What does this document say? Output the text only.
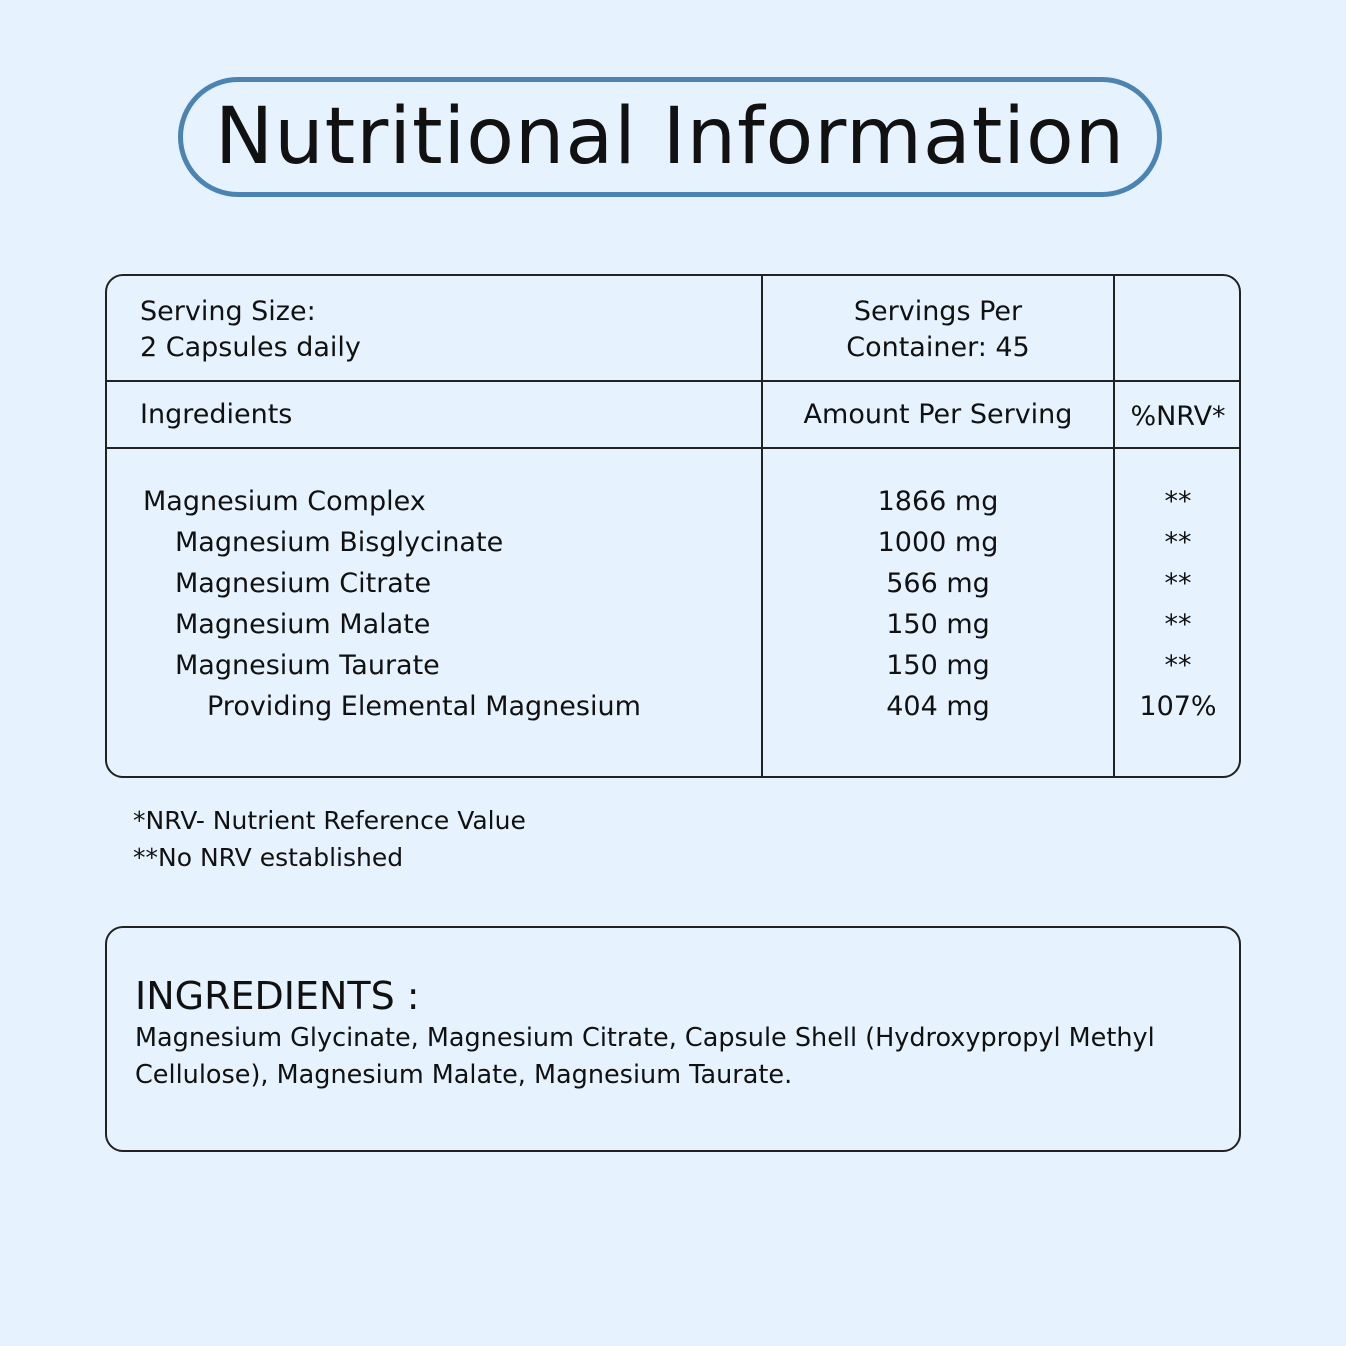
Nutritional Information
Serving Size:
2 Capsules daily
Servings Per
Container: 45
Ingredients	Amount Per Serving	%NRV*
Magnesium Complex	1866 mg	**
Magnesium Bisglycinate	1000 mg	**
Magnesium Citrate	566 mg	**
Magnesium Malate	150 mg	**
Magnesium Taurate	150 mg	**
Providing Elemental Magnesium	404 mg	107%
*NRV- Nutrient Reference Value
**No NRV established
INGREDIENTS :
Magnesium Glycinate, Magnesium Citrate, Capsule Shell (Hydroxypropyl Methyl
Cellulose), Magnesium Malate, Magnesium Taurate.
